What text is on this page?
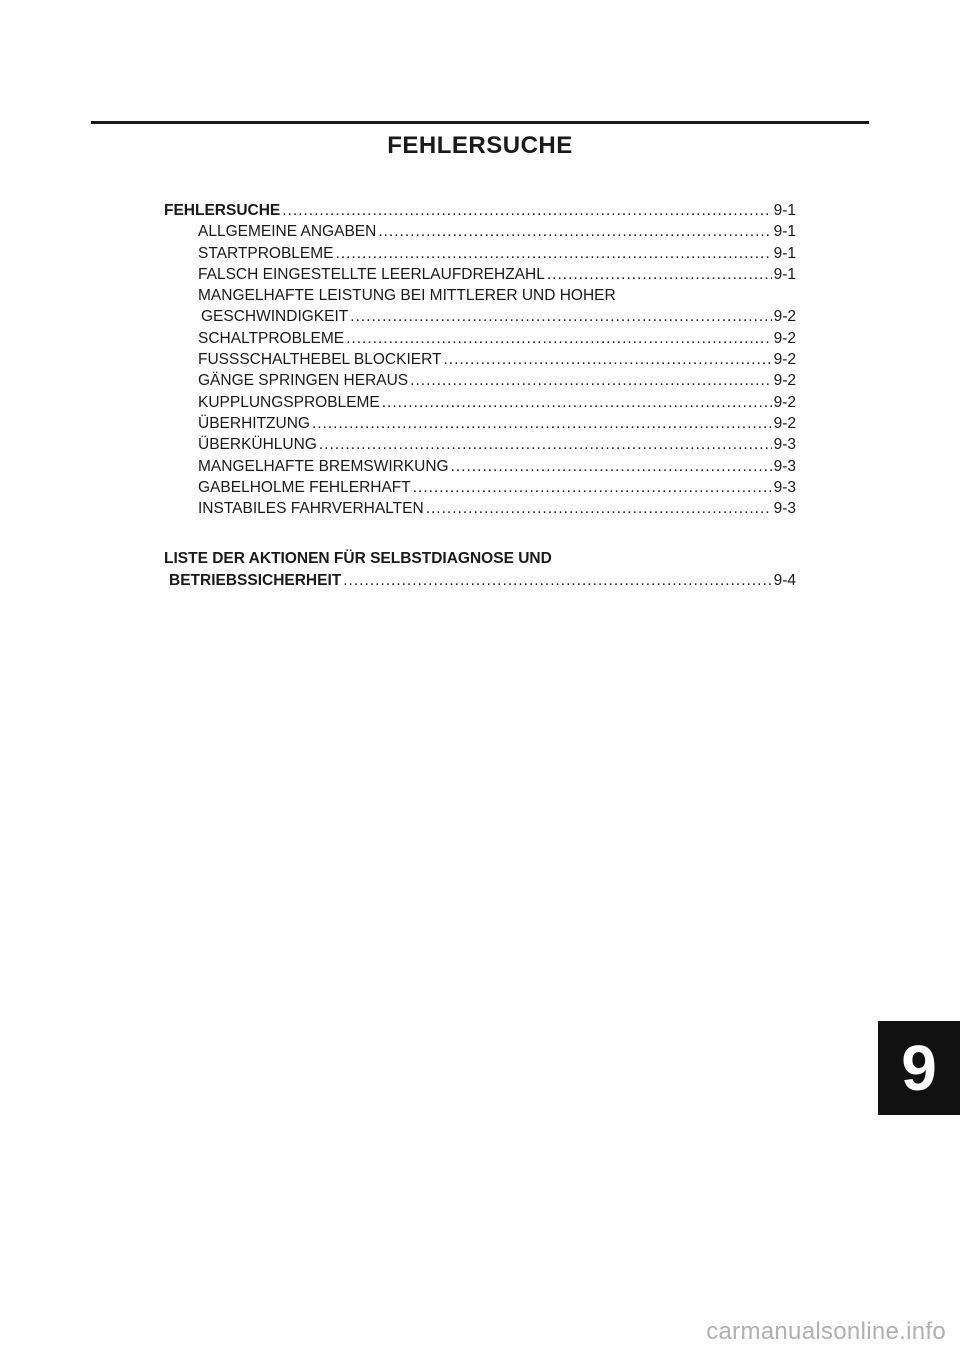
FEHLERSUCHE
FEHLERSUCHE .....	9-1
ALLGEMEINE ANGABEN .....	9-1
STARTPROBLEME .....	9-1
FALSCH EINGESTELLTE LEERLAUFDREHZAHL .....	9-1
MANGELHAFTE LEISTUNG BEI MITTLERER UND HOHER
GESCHWINDIGKEIT .....	9-2
SCHALTPROBLEME .....	9-2
FUSSSCHALTHEBEL BLOCKIERT .....	9-2
GÄNGE SPRINGEN HERAUS .....	9-2
KUPPLUNGSPROBLEME .....	9-2
ÜBERHITZUNG .....	9-2
ÜBERKÜHLUNG .....	9-3
MANGELHAFTE BREMSWIRKUNG .....	9-3
GABELHOLME FEHLERHAFT .....	9-3
INSTABILES FAHRVERHALTEN .....	9-3
LISTE DER AKTIONEN FÜR SELBSTDIAGNOSE UND
BETRIEBSSICHERHEIT .....	9-4
9
carmanualsonline.info
